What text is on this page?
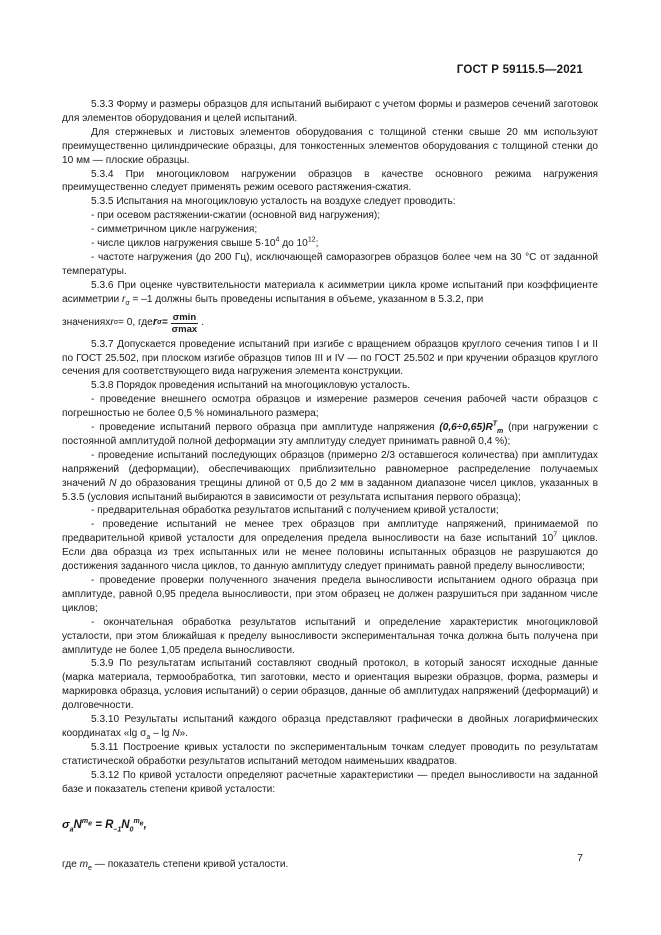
ГОСТ Р 59115.5—2021

5.3.3 Форму и размеры образцов для испытаний выбирают с учетом формы и размеров сечений заготовок для элементов оборудования и целей испытаний.

Для стержневых и листовых элементов оборудования с толщиной стенки свыше 20 мм используют преимущественно цилиндрические образцы, для тонкостенных элементов оборудования с толщиной стенки до 10 мм — плоские образцы.

5.3.4 При многоцикловом нагружении образцов в качестве основного режима нагружения преимущественно следует применять режим осевого растяжения-сжатия.

5.3.5 Испытания на многоцикловую усталость на воздухе следует проводить:

- при осевом растяжении-сжатии (основной вид нагружения);

- симметричном цикле нагружения;

- числе циклов нагружения свыше $5\cdot 10^4$ до $10^{12}$;

- частоте нагружения (до 200 Гц), исключающей саморазогрев образцов более чем на 30 °С от заданной температуры.

5.3.6 При оценке чувствительности материала к асимметрии цикла кроме испытаний при коэффициенте асимметрии $r_\sigma = -1$ должны быть проведены испытания в объеме, указанном в 5.3.2, при

значениях r σ = 0, где r $\sigma = \frac{\sigma\min}{\sigma\max}$ .

5.3.7 Допускается проведение испытаний при изгибе с вращением образцов круглого сечения типов I и II по ГОСТ 25.502, при плоском изгибе образцов типов III и IV — по ГОСТ 25.502 и при кручении образцов круглого сечения для соответствующего вида нагружения элемента конструкции.

5.3.8 Порядок проведения испытаний на многоцикловую усталость.

- проведение внешнего осмотра образцов и измерение размеров сечения рабочей части образцов с погрешностью не более 0,5 % номинального размера;

- проведение испытаний первого образца при амплитуде напряжения $(0,6\div 0,65)R^T_m$ (при нагружении с постоянной амплитудой полной деформации эту амплитуду следует принимать равной 0,4 %);

- проведение испытаний последующих образцов (примерно 2/3 оставшегося количества) при амплитудах напряжений (деформации), обеспечивающих приблизительно равномерное распределение получаемых значений N до образования трещины длиной от 0,5 до 2 мм в заданном диапазоне чисел циклов, указанных в 5.3.5 (условия испытаний выбираются в зависимости от результата испытания первого образца);

- предварительная обработка результатов испытаний с получением кривой усталости;

- проведение испытаний не менее трех образцов при амплитуде напряжений, принимаемой по предварительной кривой усталости для определения предела выносливости на базе испытаний $10^7$ циклов. Если два образца из трех испытанных или не менее половины испытанных образцов не разрушаются до достижения заданного числа циклов, то данную амплитуду следует принимать равной пределу выносливости;

- проведение проверки полученного значения предела выносливости испытанием одного образца при амплитуде, равной 0,95 предела выносливости, при этом образец не должен разрушиться при заданном числе циклов;

- окончательная обработка результатов испытаний и определение характеристик многоцикловой усталости, при этом ближайшая к пределу выносливости экспериментальная точка должна быть получена при амплитуде не более 1,05 предела выносливости.

5.3.9 По результатам испытаний составляют сводный протокол, в который заносят исходные данные (марка материала, термообработка, тип заготовки, место и ориентация вырезки образцов, форма, размеры и маркировка образца, условия испытаний) о серии образцов, данные об амплитудах напряжений (деформаций) и долговечности.

5.3.10 Результаты испытаний каждого образца представляют графически в двойных логарифмических координатах «lg $\sigma_a$ – lg N».

5.3.11 Построение кривых усталости по экспериментальным точкам следует проводить по результатам статистической обработки результатов испытаний методом наименьших квадратов.

5.3.12 По кривой усталости определяют расчетные характеристики — предел выносливости на заданной базе и показатель степени кривой усталости:

$\sigma_aN^{m_e} = R_{-1}N_0^{m_e}$,

где $m_e$ — показатель степени кривой усталости.

7
